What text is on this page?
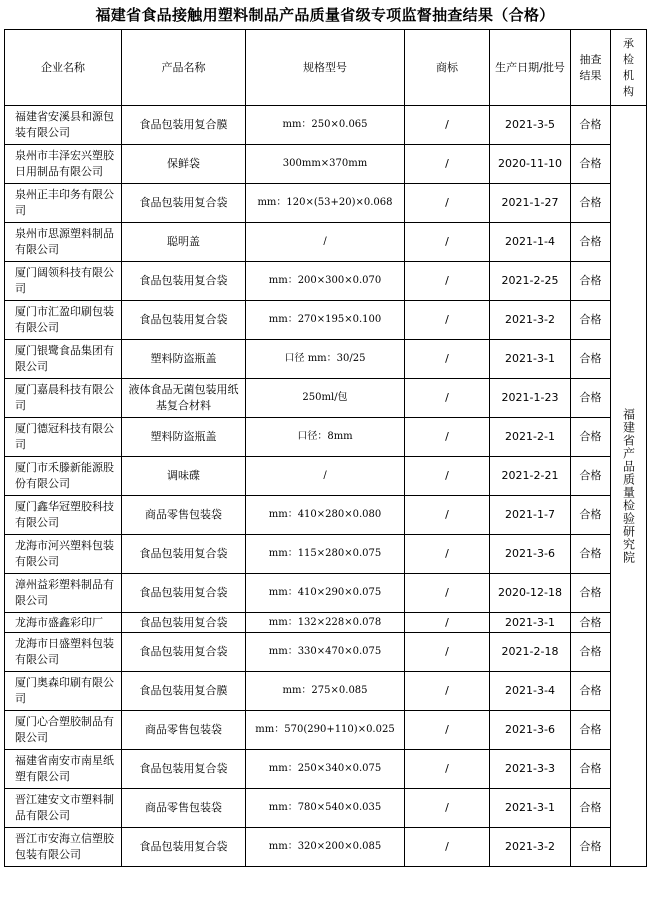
福建省食品接触用塑料制品产品质量省级专项监督抽查结果（合格）
企业名称	产品名称	规格型号	商标	生产日期/批号	抽查结果	承检机构
福建省安溪县和源包装有限公司	食品包装用复合膜	mm：250×0.065	/	2021-3-5	合格	福建省产品质量检验研究院
泉州市丰泽宏兴塑胶日用制品有限公司	保鲜袋	300mm×370mm	/	2020-11-10	合格	
泉州正丰印务有限公司	食品包装用复合袋	mm：120×(53+20)×0.068	/	2021-1-27	合格	
泉州市思源塑料制品有限公司	聪明盖	/	/	2021-1-4	合格	
厦门阔领科技有限公司	食品包装用复合袋	mm：200×300×0.070	/	2021-2-25	合格	
厦门市汇盈印刷包装有限公司	食品包装用复合袋	mm：270×195×0.100	/	2021-3-2	合格	
厦门银鹭食品集团有限公司	塑料防盗瓶盖	口径 mm：30/25	/	2021-3-1	合格	
厦门嘉晨科技有限公司	液体食品无菌包装用纸基复合材料	250ml/包	/	2021-1-23	合格	
厦门德冠科技有限公司	塑料防盗瓶盖	口径：8mm	/	2021-2-1	合格	
厦门市禾滕新能源股份有限公司	调味碟	/	/	2021-2-21	合格	
厦门鑫华冠塑胶科技有限公司	商品零售包装袋	mm：410×280×0.080	/	2021-1-7	合格	
龙海市河兴塑料包装有限公司	食品包装用复合袋	mm：115×280×0.075	/	2021-3-6	合格	
漳州益彩塑料制品有限公司	食品包装用复合袋	mm：410×290×0.075	/	2020-12-18	合格	
龙海市盛鑫彩印厂	食品包装用复合袋	mm：132×228×0.078	/	2021-3-1	合格	
龙海市日盛塑料包装有限公司	食品包装用复合袋	mm：330×470×0.075	/	2021-2-18	合格	
厦门奥森印刷有限公司	食品包装用复合膜	mm：275×0.085	/	2021-3-4	合格	
厦门心合塑胶制品有限公司	商品零售包装袋	mm：570(290+110)×0.025	/	2021-3-6	合格	
福建省南安市南星纸塑有限公司	食品包装用复合袋	mm：250×340×0.075	/	2021-3-3	合格	
晋江建安文市塑料制品有限公司	商品零售包装袋	mm：780×540×0.035	/	2021-3-1	合格	
晋江市安海立信塑胶包装有限公司	食品包装用复合袋	mm：320×200×0.085	/	2021-3-2	合格	
